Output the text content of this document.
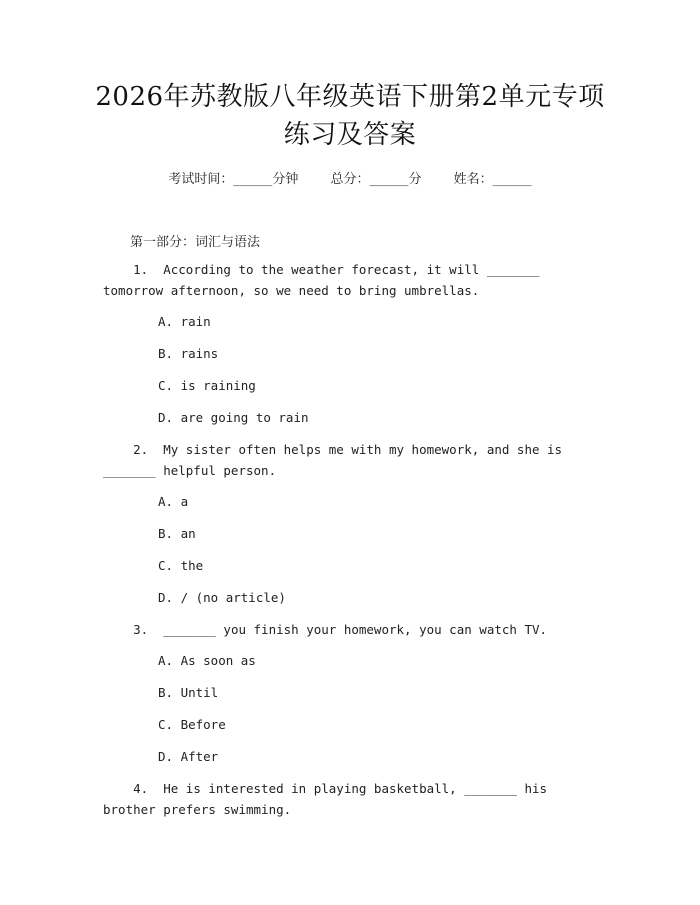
2026年苏教版八年级英语下册第2单元专项
练习及答案
考试时间：______分钟 总分：______分 姓名：______
第一部分：词汇与语法
1.  According to the weather forecast, it will _______ tomorrow afternoon, so we need to bring umbrellas.
A. rain
B. rains
C. is raining
D. are going to rain
2.  My sister often helps me with my homework, and she is _______ helpful person.
A. a
B. an
C. the
D. / (no article)
3.  _______ you finish your homework, you can watch TV.
A. As soon as
B. Until
C. Before
D. After
4.  He is interested in playing basketball, _______ his brother prefers swimming.
